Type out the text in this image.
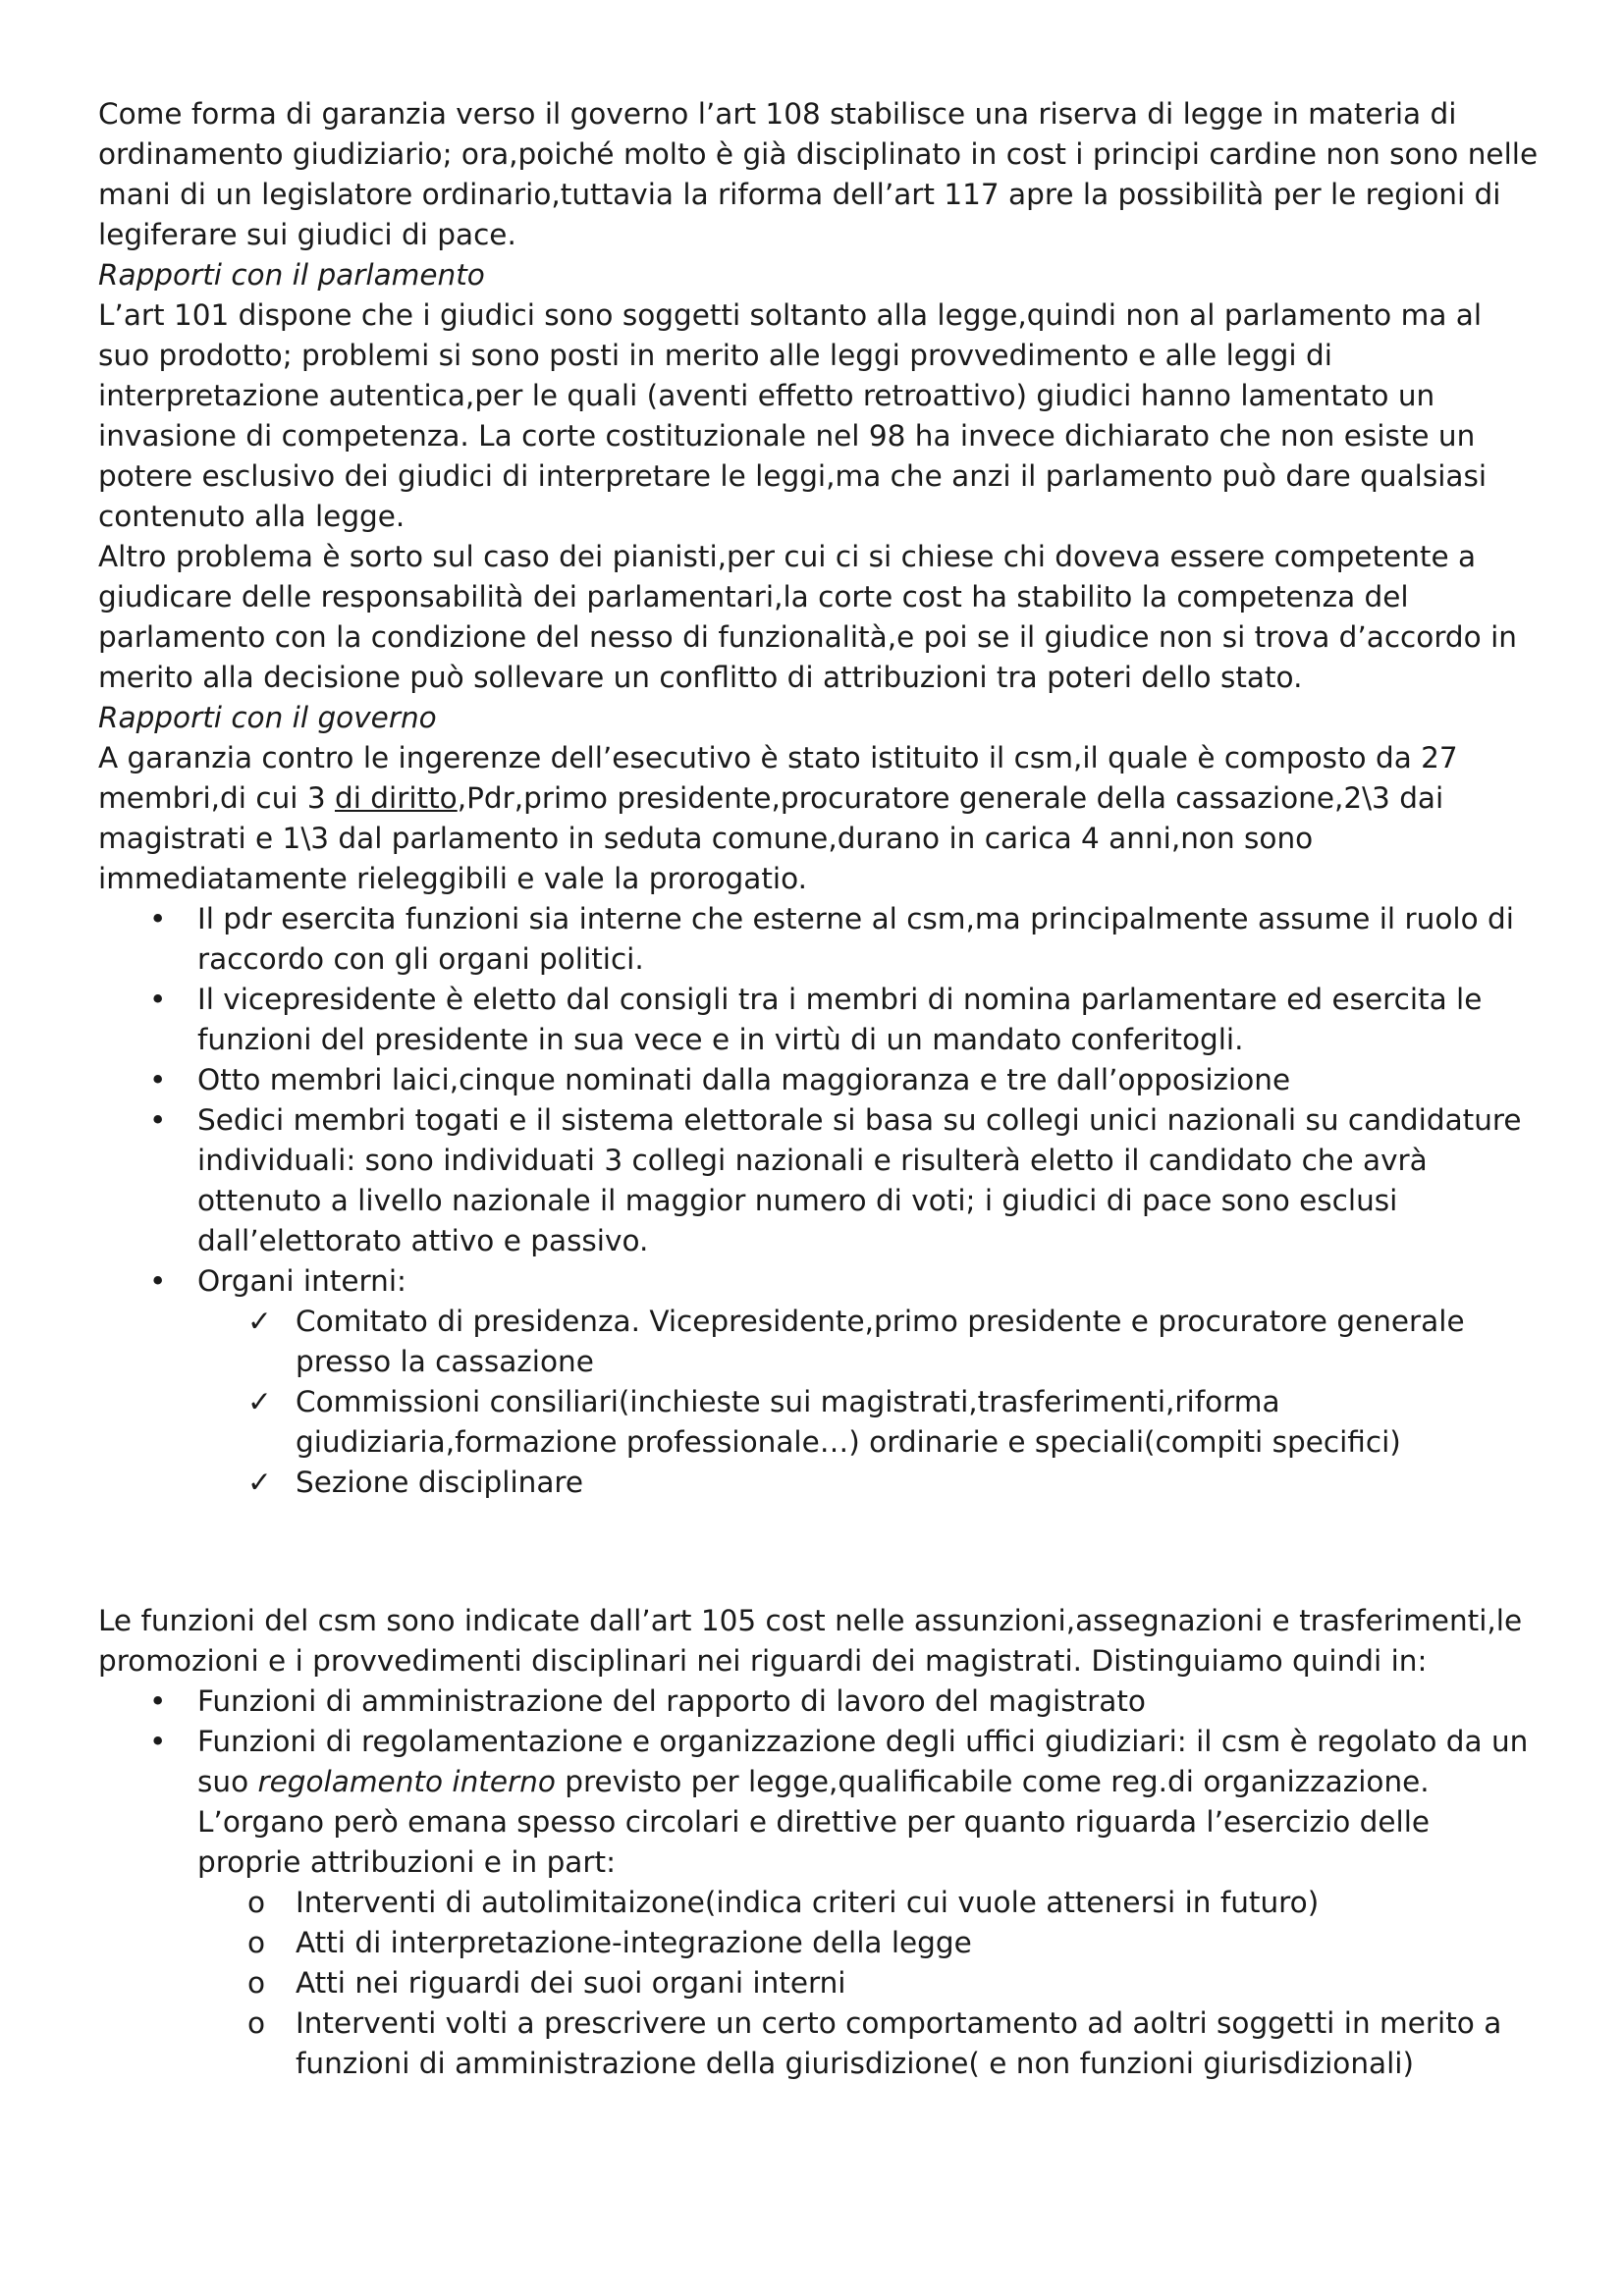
Come forma di garanzia verso il governo l’art 108 stabilisce una riserva di legge in materia di ordinamento giudiziario; ora,poiché molto è già disciplinato in cost i principi cardine non sono nelle mani di un legislatore ordinario,tuttavia la riforma dell’art 117 apre la possibilità per le regioni di legiferare sui giudici di pace.

Rapporti con il parlamento

L’art 101 dispone che i giudici sono soggetti soltanto alla legge,quindi non al parlamento ma al suo prodotto; problemi si sono posti in merito alle leggi provvedimento e alle leggi di interpretazione autentica,per le quali (aventi effetto retroattivo) giudici hanno lamentato un invasione di competenza. La corte costituzionale nel 98 ha invece dichiarato che non esiste un potere esclusivo dei giudici di interpretare le leggi,ma che anzi il parlamento può dare qualsiasi contenuto alla legge.

Altro problema è sorto sul caso dei pianisti,per cui ci si chiese chi doveva essere competente a giudicare delle responsabilità dei parlamentari,la corte cost ha stabilito la competenza del parlamento con la condizione del nesso di funzionalità,e poi se il giudice non si trova d’accordo in merito alla decisione può sollevare un conflitto di attribuzioni tra poteri dello stato.

Rapporti con il governo

A garanzia contro le ingerenze dell’esecutivo è stato istituito il csm,il quale è composto da 27 membri,di cui 3 di diritto,Pdr,primo presidente,procuratore generale della cassazione,2\3 dai magistrati e 1\3 dal parlamento in seduta comune,durano in carica 4 anni,non sono immediatamente rieleggibili e vale la prorogatio.

• Il pdr esercita funzioni sia interne che esterne al csm,ma principalmente assume il ruolo di raccordo con gli organi politici.
• Il vicepresidente è eletto dal consigli tra i membri di nomina parlamentare ed esercita le funzioni del presidente in sua vece e in virtù di un mandato conferitogli.
• Otto membri laici,cinque nominati dalla maggioranza e tre dall’opposizione
• Sedici membri togati e il sistema elettorale si basa su collegi unici nazionali su candidature individuali: sono individuati 3 collegi nazionali e risulterà eletto il candidato che avrà ottenuto a livello nazionale il maggior numero di voti; i giudici di pace sono esclusi dall’elettorato attivo e passivo.
• Organi interni:
✓ Comitato di presidenza. Vicepresidente,primo presidente e procuratore generale presso la cassazione
✓ Commissioni consiliari(inchieste sui magistrati,trasferimenti,riforma giudiziaria,formazione professionale…) ordinarie e speciali(compiti specifici)
✓ Sezione disciplinare

Le funzioni del csm sono indicate dall’art 105 cost nelle assunzioni,assegnazioni e trasferimenti,le promozioni e i provvedimenti disciplinari nei riguardi dei magistrati. Distinguiamo quindi in:

• Funzioni di amministrazione del rapporto di lavoro del magistrato
• Funzioni di regolamentazione e organizzazione degli uffici giudiziari: il csm è regolato da un suo regolamento interno previsto per legge,qualificabile come reg.di organizzazione. L’organo però emana spesso circolari e direttive per quanto riguarda l’esercizio delle proprie attribuzioni e in part:
o Interventi di autolimitaizone(indica criteri cui vuole attenersi in futuro)
o Atti di interpretazione-integrazione della legge
o Atti nei riguardi dei suoi organi interni
o Interventi volti a prescrivere un certo comportamento ad aoltri soggetti in merito a funzioni di amministrazione della giurisdizione( e non funzioni giurisdizionali)
